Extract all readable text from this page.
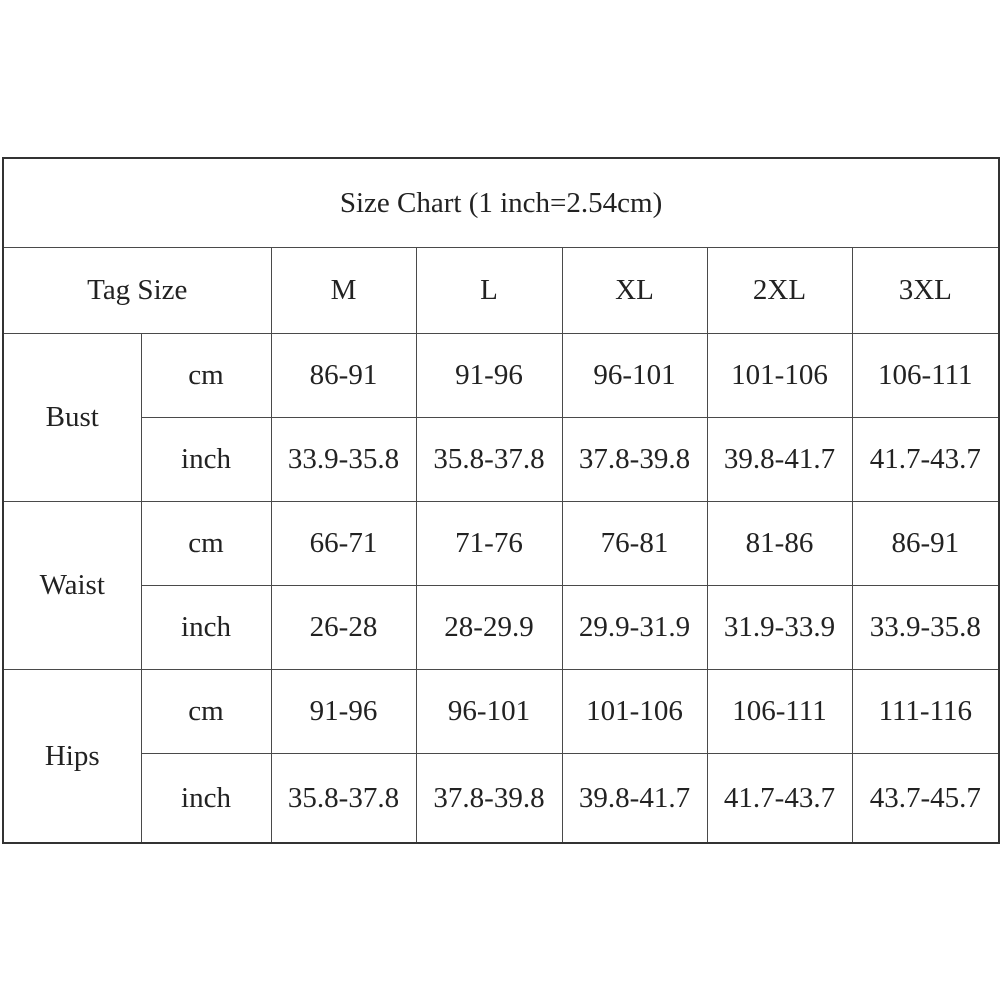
Size Chart (1 inch=2.54cm)						
Tag Size		M	L	XL	2XL	3XL
Bust	cm	86-91	91-96	96-101	101-106	106-111
	inch	33.9-35.8	35.8-37.8	37.8-39.8	39.8-41.7	41.7-43.7
Waist	cm	66-71	71-76	76-81	81-86	86-91
	inch	26-28	28-29.9	29.9-31.9	31.9-33.9	33.9-35.8
Hips	cm	91-96	96-101	101-106	106-111	111-116
	inch	35.8-37.8	37.8-39.8	39.8-41.7	41.7-43.7	43.7-45.7
